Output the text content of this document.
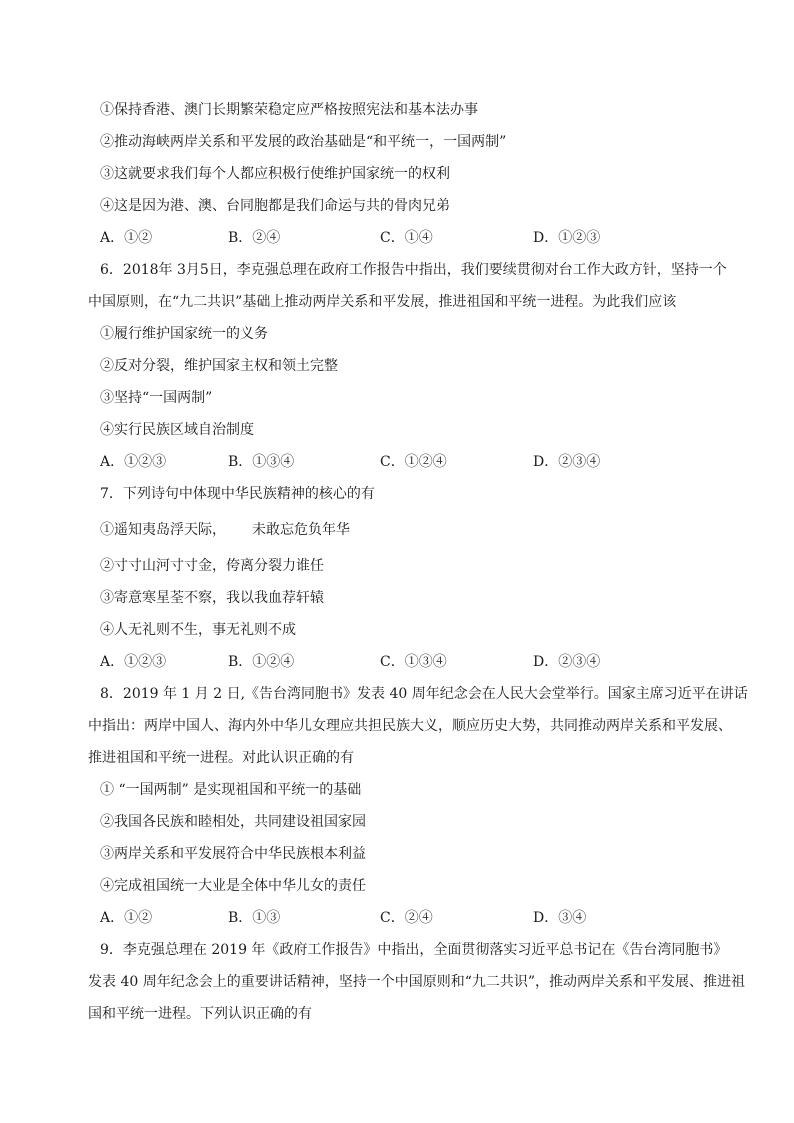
①保持香港、澳门长期繁荣稳定应严格按照宪法和基本法办事
②推动海峡两岸关系和平发展的政治基础是“和平统一，一国两制”
③这就要求我们每个人都应积极行使维护国家统一的权利
④这是因为港、澳、台同胞都是我们命运与共的骨肉兄弟
A．①②	B．②④	C．①④	D．①②③
6．2018年 3月5日，李克强总理在政府工作报告中指出，我们要续贯彻对台工作大政方针，坚持一个
中国原则，在“九二共识”基础上推动两岸关系和平发展，推进祖国和平统一进程。为此我们应该
①履行维护国家统一的义务
②反对分裂，维护国家主权和领土完整
③坚持“一国两制”
④实行民族区域自治制度
A．①②③	B．①③④	C．①②④	D．②③④
7．下列诗句中体现中华民族精神的核心的有
①遥知夷岛浮天际， 未敢忘危负年华
②寸寸山河寸寸金，侉离分裂力谁任
③寄意寒星荃不察，我以我血荐轩辕
④人无礼则不生，事无礼则不成
A．①②③	B．①②④	C．①③④	D．②③④
8．2019 年 1 月 2 日,《告台湾同胞书》发表 40 周年纪念会在人民大会堂举行。国家主席习近平在讲话
中指出：两岸中国人、海内外中华儿女理应共担民族大义，顺应历史大势，共同推动两岸关系和平发展、
推进祖国和平统一进程。对此认识正确的有
① “一国两制” 是实现祖国和平统一的基础
②我国各民族和睦相处，共同建设祖国家园
③两岸关系和平发展符合中华民族根本利益
④完成祖国统一大业是全体中华儿女的责任
A．①②	B．①③	C．②④	D．③④
9．李克强总理在 2019 年《政府工作报告》中指出，全面贯彻落实习近平总书记在《告台湾同胞书》
发表 40 周年纪念会上的重要讲话精神，坚持一个中国原则和“九二共识”，推动两岸关系和平发展、推进祖
国和平统一进程。下列认识正确的有
